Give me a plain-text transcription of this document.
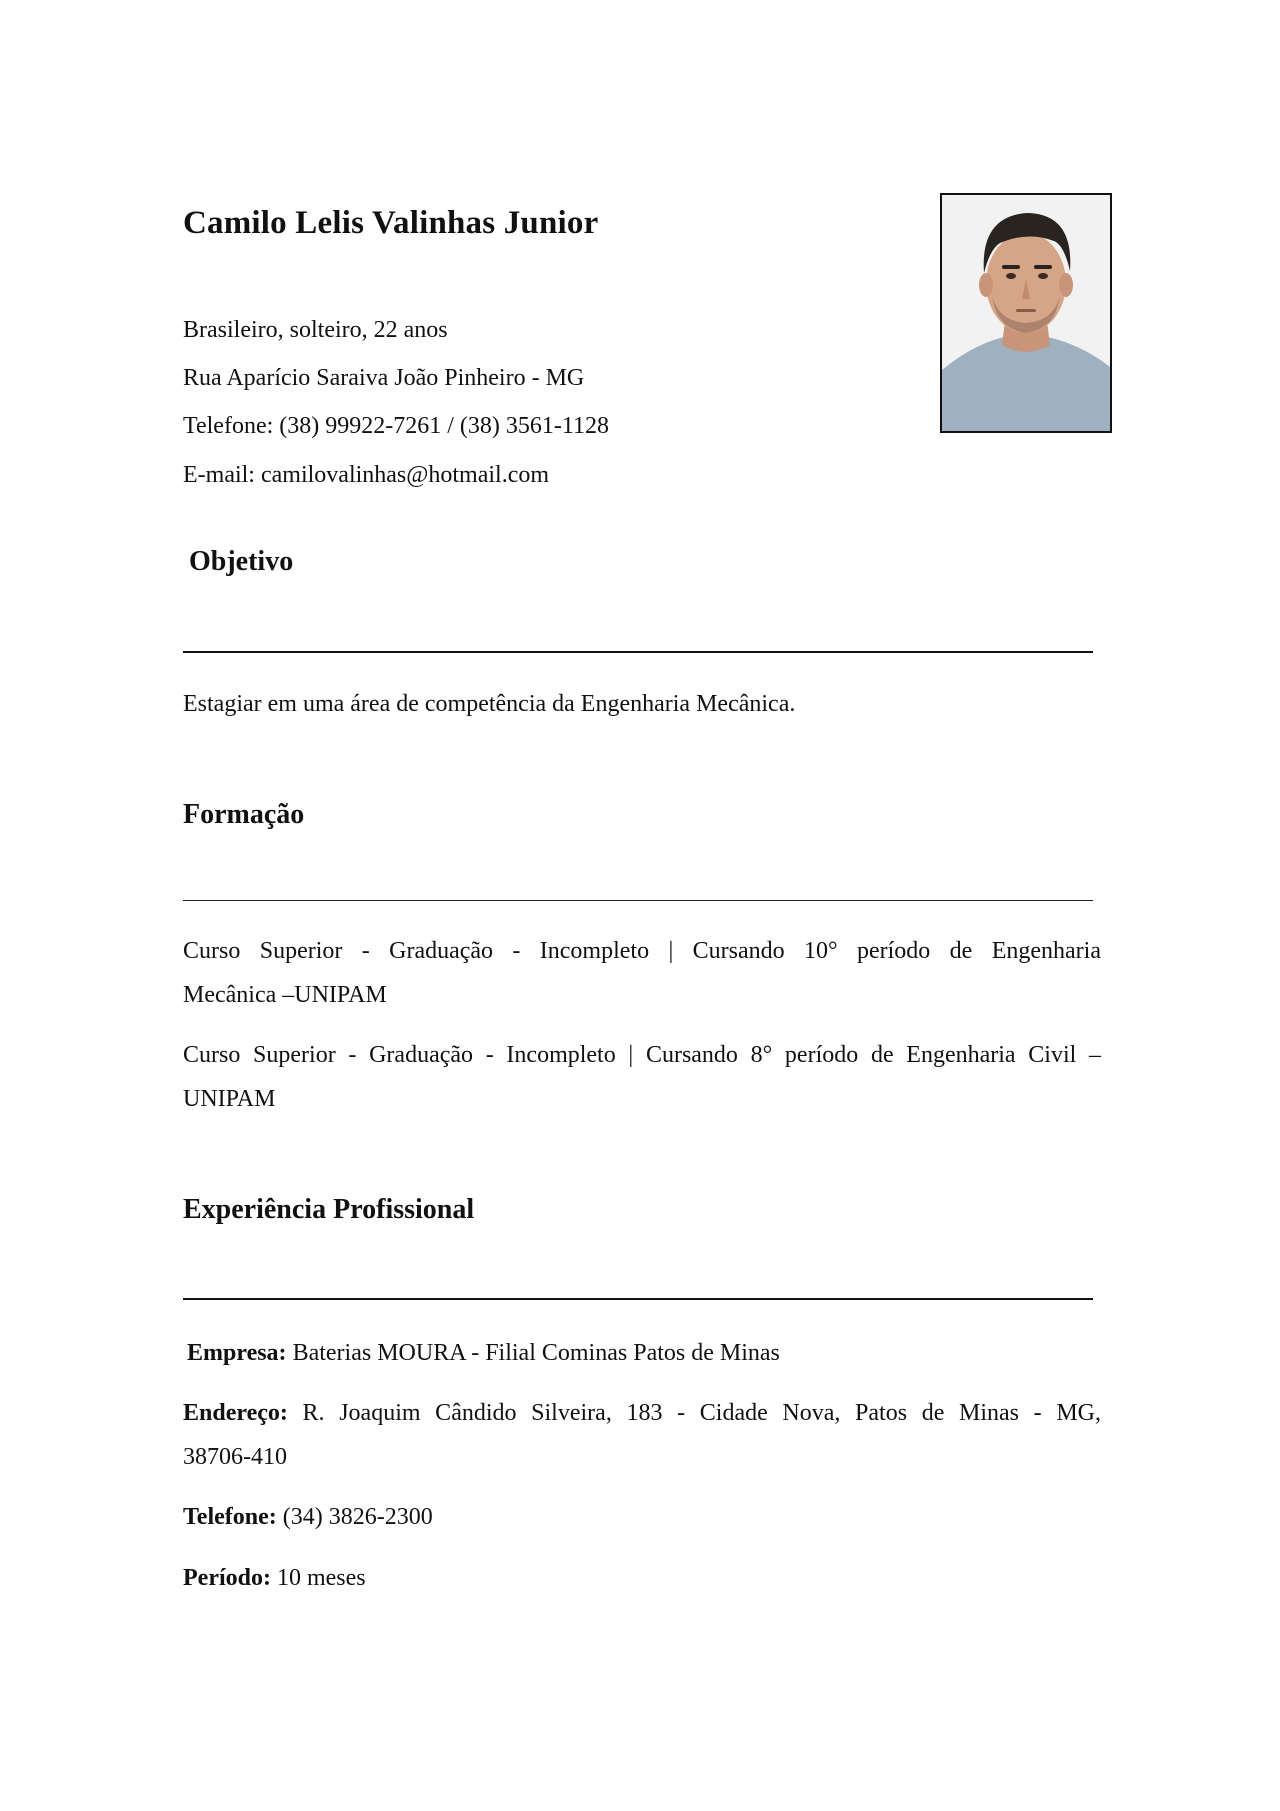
Camilo Lelis Valinhas Junior
Brasileiro, solteiro, 22 anos
Rua Aparício Saraiva João Pinheiro - MG
Telefone: (38) 99922-7261 / (38) 3561-1128
E-mail: camilovalinhas@hotmail.com
Objetivo
Estagiar em uma área de competência da Engenharia Mecânica.
Formação
Curso Superior - Graduação - Incompleto | Cursando 10° período de Engenharia
Mecânica –UNIPAM
Curso Superior - Graduação - Incompleto | Cursando 8° período de Engenharia Civil –
UNIPAM
Experiência Profissional
Empresa: Baterias MOURA - Filial Cominas Patos de Minas
Endereço: R. Joaquim Cândido Silveira, 183 - Cidade Nova, Patos de Minas - MG,
38706-410
Telefone: (34) 3826-2300
Período: 10 meses
